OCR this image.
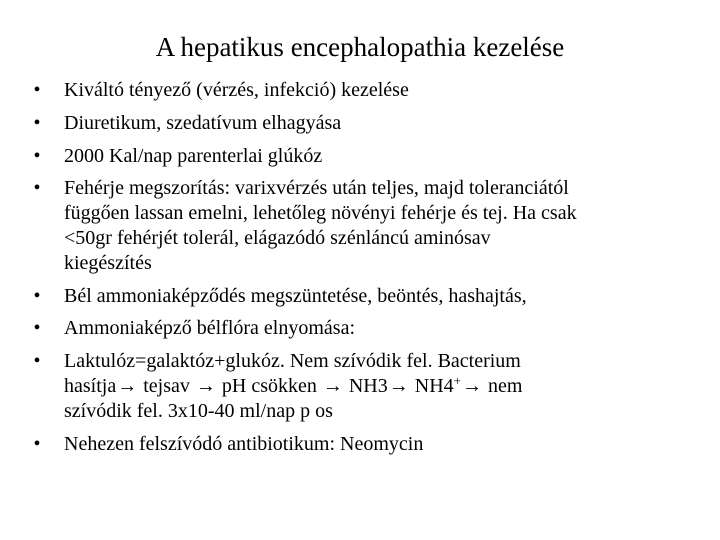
A hepatikus encephalopathia kezelése
• Kiváltó tényező (vérzés, infekció) kezelése
• Diuretikum, szedatívum elhagyása
• 2000 Kal/nap parenterlai glúkóz
• Fehérje megszorítás: varixvérzés után teljes, majd toleranciától
függően lassan emelni, lehetőleg növényi fehérje és tej. Ha csak
<50gr fehérjét tolerál, elágazódó szénláncú aminósav
kiegészítés
• Bél ammoniaképződés megszüntetése, beöntés, hashajtás,
• Ammoniaképző bélflóra elnyomása:
• Laktulóz=galaktóz+glukóz. Nem szívódik fel. Bacterium
hasítja→ tejsav → pH csökken → NH3→ NH4+→ nem
szívódik fel. 3x10-40 ml/nap p os
• Nehezen felszívódó antibiotikum: Neomycin
